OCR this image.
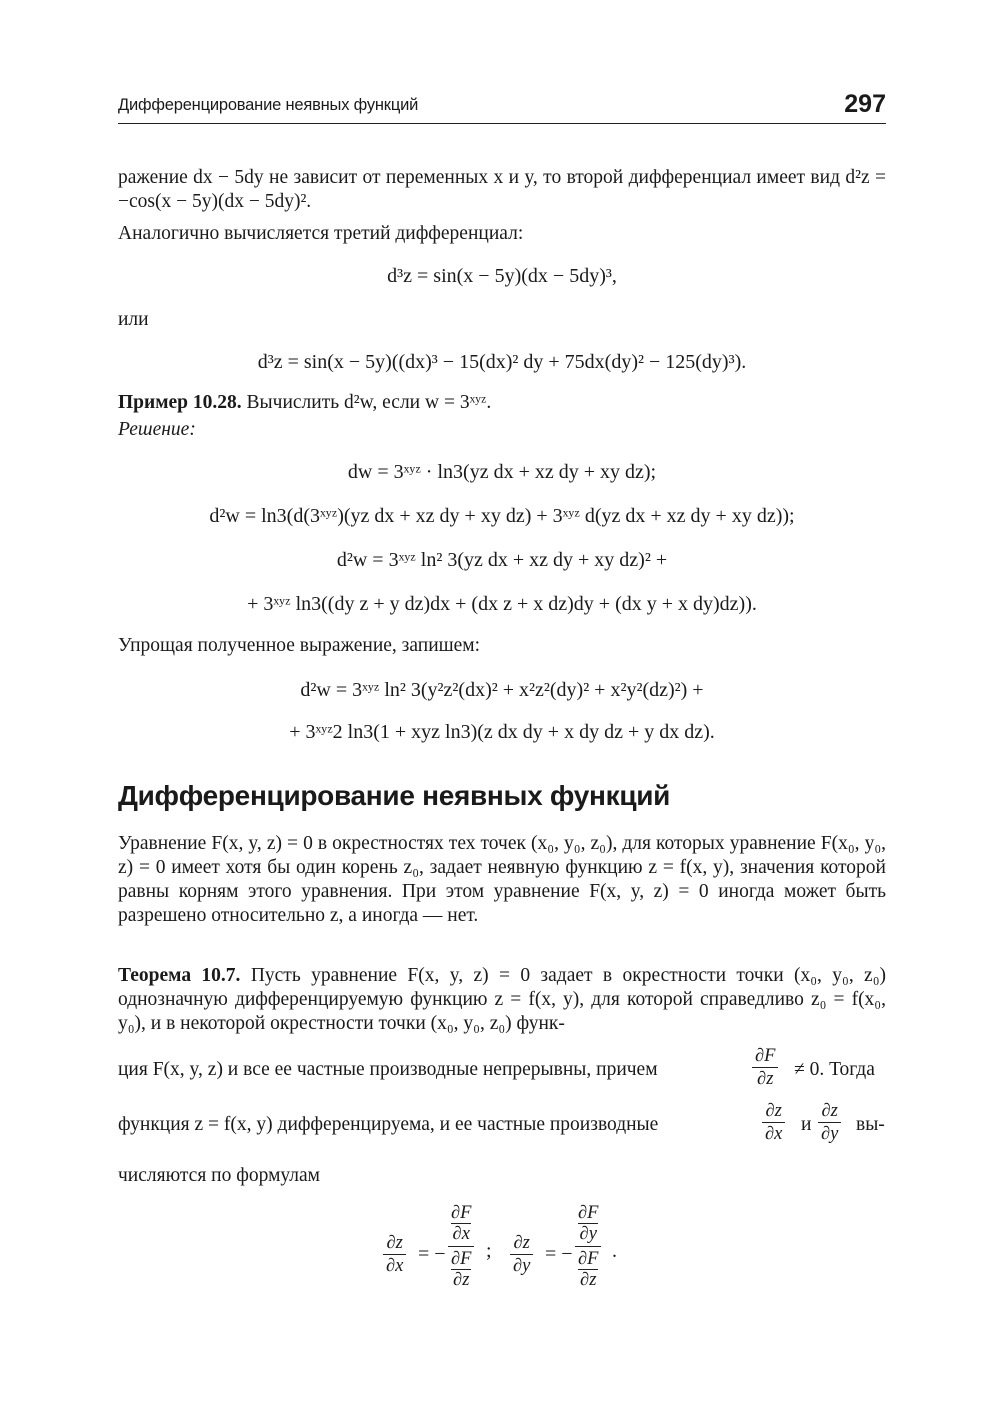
Дифференцирование неявных функций	297

ражение dx − 5dy не зависит от переменных x и y, то второй дифференциал имеет вид d²z = −cos(x − 5y)(dx − 5dy)².

Аналогично вычисляется третий дифференциал:

d³z = sin(x − 5y)(dx − 5dy)³,

или

d³z = sin(x − 5y)((dx)³ − 15(dx)² dy + 75dx(dy)² − 125(dy)³).

Пример 10.28. Вычислить d²w, если w = 3ˣʸᶻ.

Решение:

dw = 3ˣʸᶻ · ln3(yz dx + xz dy + xy dz);

d²w = ln3(d(3ˣʸᶻ)(yz dx + xz dy + xy dz) + 3ˣʸᶻ d(yz dx + xz dy + xy dz));

d²w = 3ˣʸᶻ ln² 3(yz dx + xz dy + xy dz)² +

+ 3ˣʸᶻ ln3((dy z + y dz)dx + (dx z + x dz)dy + (dx y + x dy)dz)).

Упрощая полученное выражение, запишем:

d²w = 3ˣʸᶻ ln² 3(y²z²(dx)² + x²z²(dy)² + x²y²(dz)²) +

+ 3ˣʸᶻ2 ln3(1 + xyz ln3)(z dx dy + x dy dz + y dx dz).

Дифференцирование неявных функций

Уравнение F(x, y, z) = 0 в окрестностях тех точек (x₀, y₀, z₀), для которых уравнение F(x₀, y₀, z) = 0 имеет хотя бы один корень z₀, задает неявную функцию z = f(x, y), значения которой равны корням этого уравнения. При этом уравнение F(x, y, z) = 0 иногда может быть разрешено относительно z, а иногда — нет.

Теорема 10.7. Пусть уравнение F(x, y, z) = 0 задает в окрестности точки (x₀, y₀, z₀) однозначную дифференцируемую функцию z = f(x, y), для которой справедливо z₀ = f(x₀, y₀), и в некоторой окрестности точки (x₀, y₀, z₀) функ-

ция F(x, y, z) и все ее частные производные непрерывны, причем	$\frac{\partial F}{\partial z} \ne 0$. Тогда
функция z = f(x, y) дифференцируема, и ее частные производные	$\frac{\partial z}{\partial x}$ и $\frac{\partial z}{\partial y} вы-$

числяются по формулам

$\frac{\partial z}{\partial x}$ = − ∂F
∂x
∂F
∂z ; $\frac{\partial z}{\partial y}$ = − ∂F
∂y
∂F
∂z .
